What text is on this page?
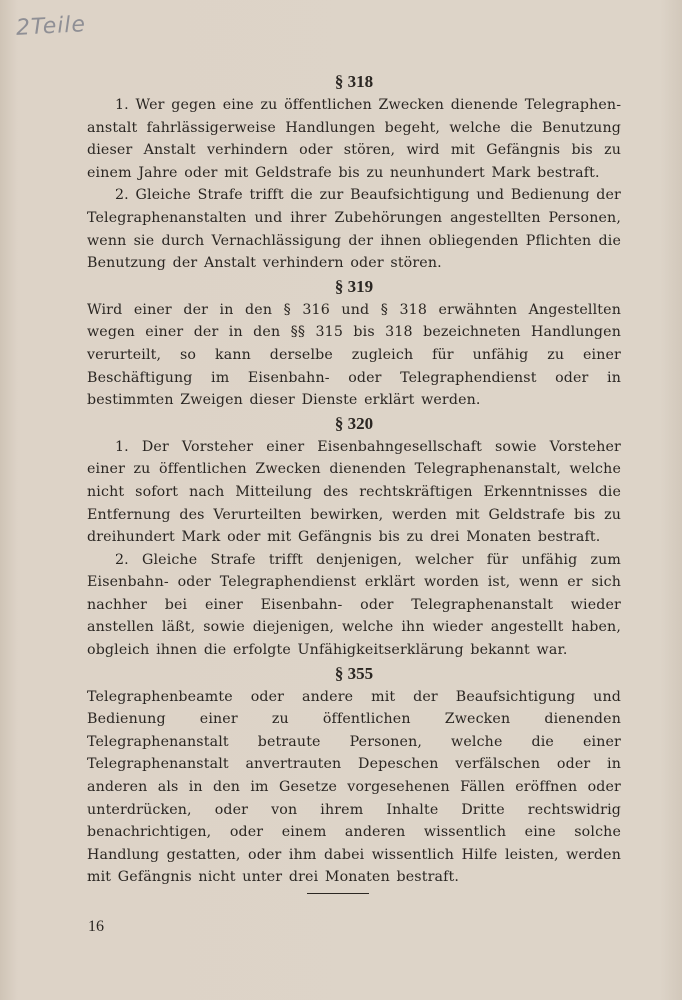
2Teile
§ 318

1. Wer gegen eine zu öffentlichen Zwecken dienende Telegraphenanstalt fahrlässigerweise Handlungen begeht, welche die Benutzung dieser Anstalt verhindern oder stören, wird mit Gefängnis bis zu einem Jahre oder mit Geldstrafe bis zu neunhundert Mark bestraft.

2. Gleiche Strafe trifft die zur Beaufsichtigung und Bedienung der Telegraphenanstalten und ihrer Zubehörungen angestellten Personen, wenn sie durch Vernachlässigung der ihnen obliegenden Pflichten die Benutzung der Anstalt verhindern oder stören.

§ 319

Wird einer der in den § 316 und § 318 erwähnten Angestellten wegen einer der in den §§ 315 bis 318 bezeichneten Handlungen verurteilt, so kann derselbe zugleich für unfähig zu einer Beschäftigung im Eisenbahn- oder Telegraphendienst oder in bestimmten Zweigen dieser Dienste erklärt werden.

§ 320

1. Der Vorsteher einer Eisenbahngesellschaft sowie Vorsteher einer zu öffentlichen Zwecken dienenden Telegraphenanstalt, welche nicht sofort nach Mitteilung des rechtskräftigen Erkenntnisses die Entfernung des Verurteilten bewirken, werden mit Geldstrafe bis zu dreihundert Mark oder mit Gefängnis bis zu drei Monaten bestraft.

2. Gleiche Strafe trifft denjenigen, welcher für unfähig zum Eisenbahn- oder Telegraphendienst erklärt worden ist, wenn er sich nachher bei einer Eisenbahn- oder Telegraphenanstalt wieder anstellen läßt, sowie diejenigen, welche ihn wieder angestellt haben, obgleich ihnen die erfolgte Unfähigkeitserklärung bekannt war.

§ 355

Telegraphenbeamte oder andere mit der Beaufsichtigung und Bedienung einer zu öffentlichen Zwecken dienenden Telegraphenanstalt betraute Personen, welche die einer Telegraphenanstalt anvertrauten Depeschen verfälschen oder in anderen als in den im Gesetze vorgesehenen Fällen eröffnen oder unterdrücken, oder von ihrem Inhalte Dritte rechtswidrig benachrichtigen, oder einem anderen wissentlich eine solche Handlung gestatten, oder ihm dabei wissentlich Hilfe leisten, werden mit Gefängnis nicht unter drei Monaten bestraft.

16
